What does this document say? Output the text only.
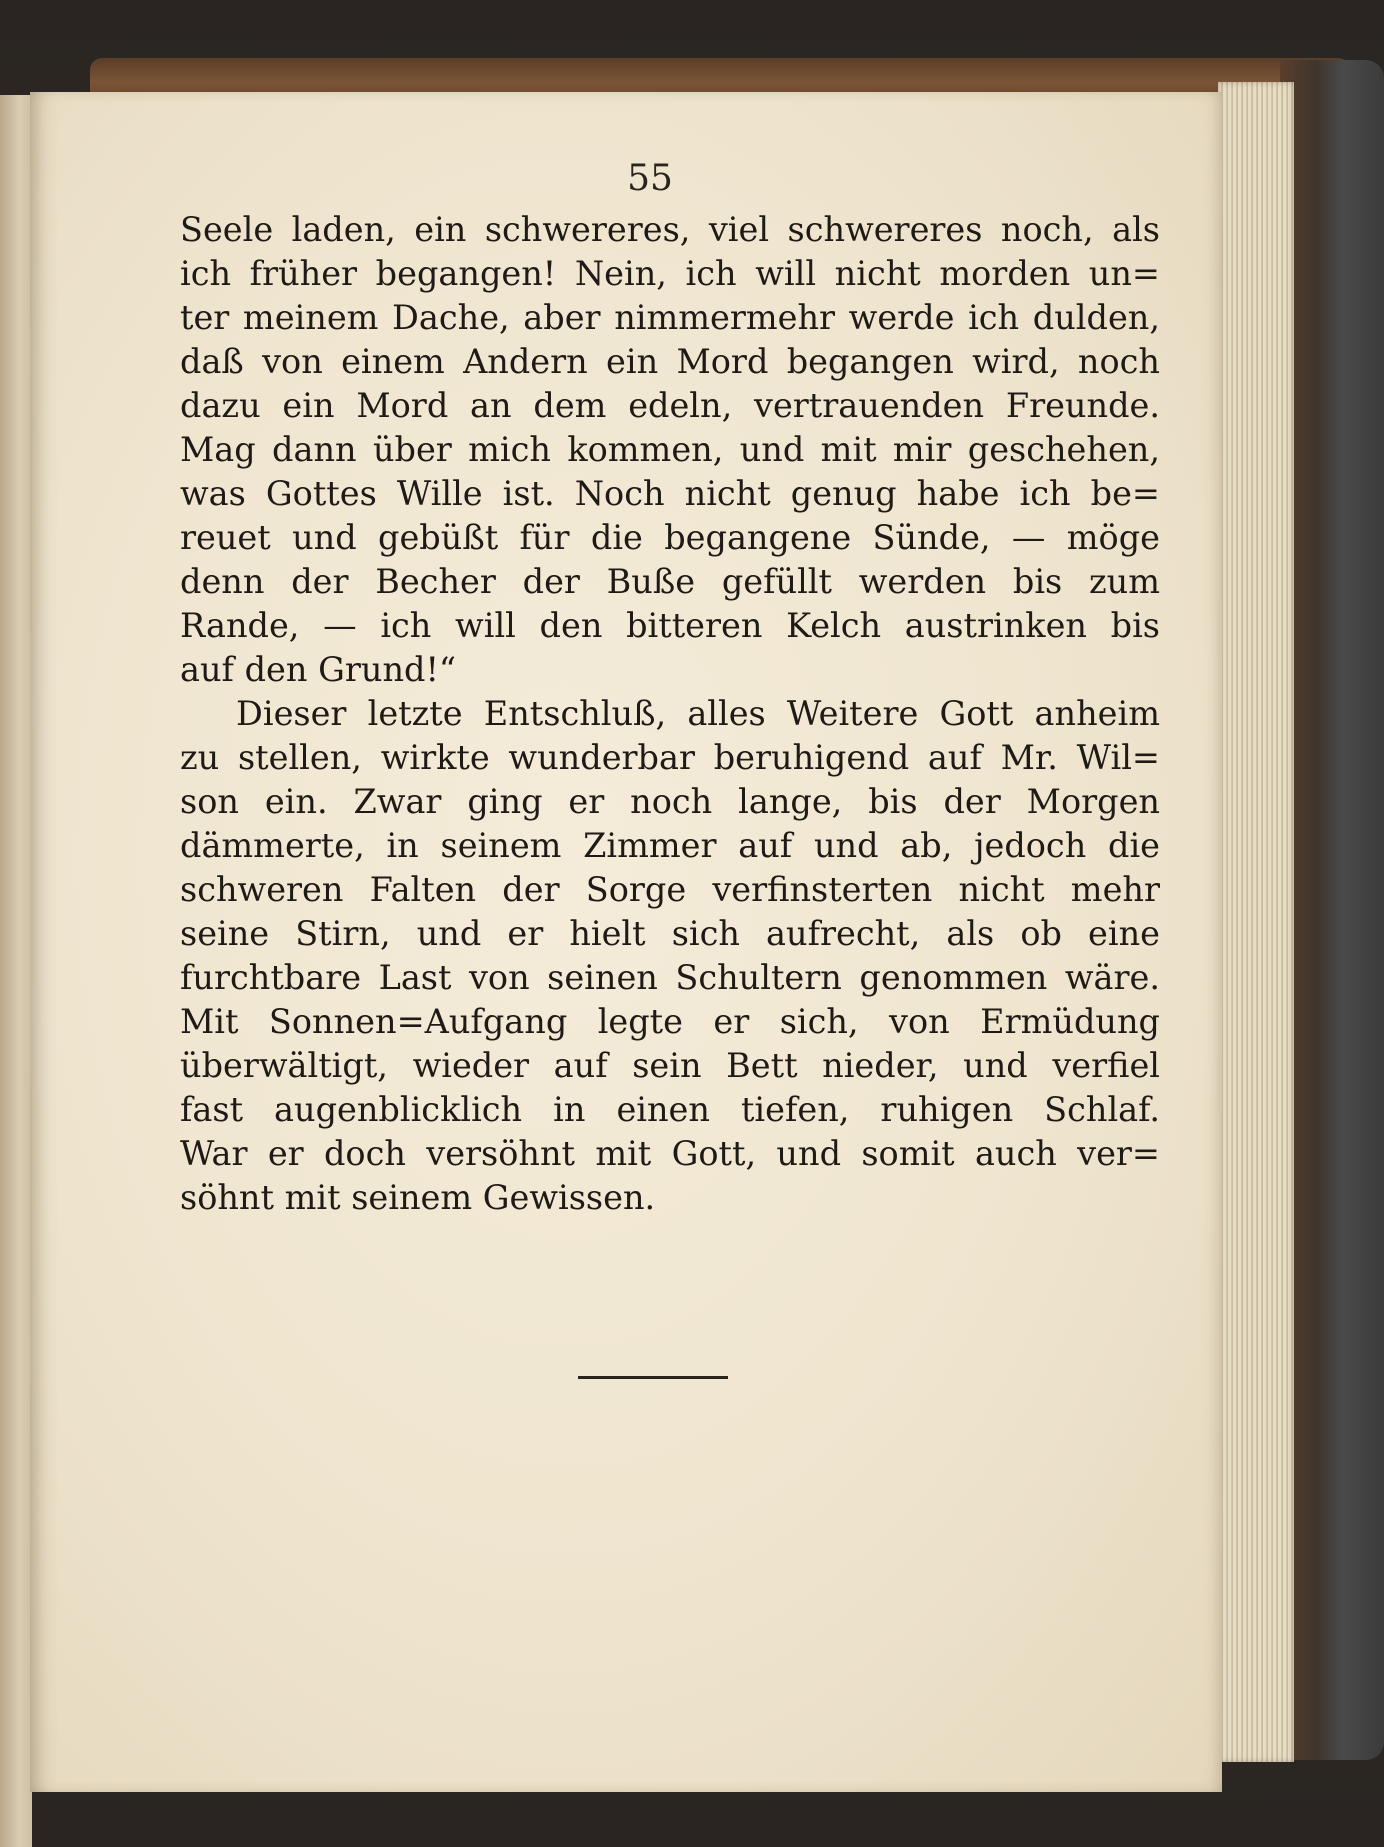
55

Seele laden, ein schwereres, viel schwereres noch, als
ich früher begangen! Nein, ich will nicht morden un=
ter meinem Dache, aber nimmermehr werde ich dulden,
daß von einem Andern ein Mord begangen wird, noch
dazu ein Mord an dem edeln, vertrauenden Freunde.
Mag dann über mich kommen, und mit mir geschehen,
was Gottes Wille ist. Noch nicht genug habe ich be=
reuet und gebüßt für die begangene Sünde, — möge
denn der Becher der Buße gefüllt werden bis zum
Rande, — ich will den bitteren Kelch austrinken bis
auf den Grund!“
Dieser letzte Entschluß, alles Weitere Gott anheim
zu stellen, wirkte wunderbar beruhigend auf Mr. Wil=
son ein. Zwar ging er noch lange, bis der Morgen
dämmerte, in seinem Zimmer auf und ab, jedoch die
schweren Falten der Sorge verfinsterten nicht mehr
seine Stirn, und er hielt sich aufrecht, als ob eine
furchtbare Last von seinen Schultern genommen wäre.
Mit Sonnen=Aufgang legte er sich, von Ermüdung
überwältigt, wieder auf sein Bett nieder, und verfiel
fast augenblicklich in einen tiefen, ruhigen Schlaf.
War er doch versöhnt mit Gott, und somit auch ver=
söhnt mit seinem Gewissen.
